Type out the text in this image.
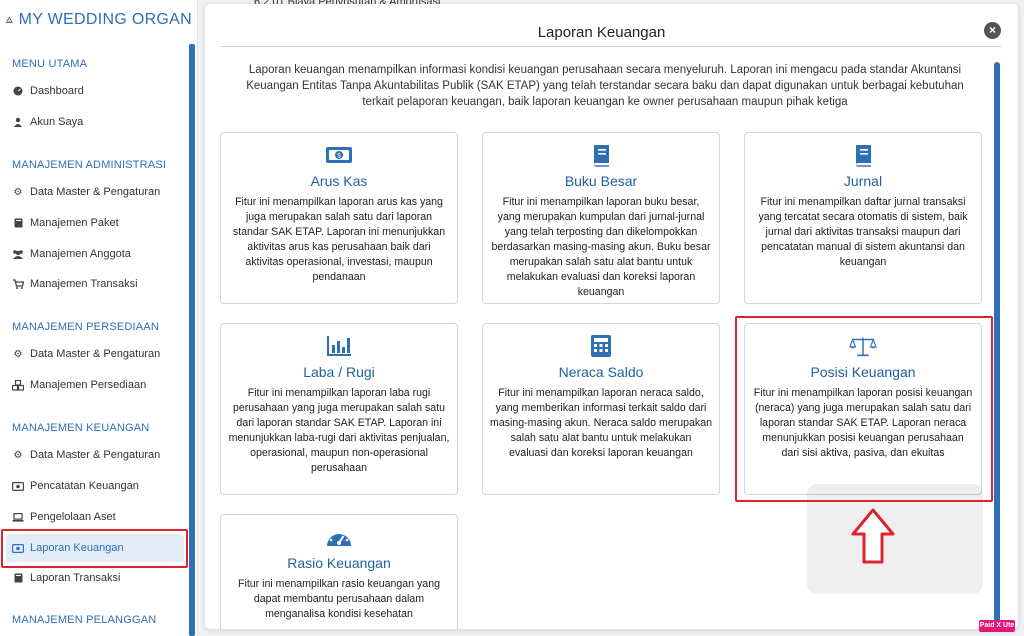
MY WEDDING ORGAN
MENU UTAMA
Dashboard
Akun Saya
MANAJEMEN ADMINISTRASI
⚙ Data Master & Pengaturan
Manajemen Paket
Manajemen Anggota
Manajemen Transaksi
MANAJEMEN PERSEDIAAN
⚙ Data Master & Pengaturan
Manajemen Persediaan
MANAJEMEN KEUANGAN
⚙ Data Master & Pengaturan
Pencatatan Keuangan
Pengelolaan Aset
Laporan Keuangan
Laporan Transaksi
MANAJEMEN PELANGGAN
Laporan Keuangan	×
Laporan keuangan menampilkan informasi kondisi keuangan perusahaan secara menyeluruh. Laporan ini mengacu pada standar Akuntansi Keuangan Entitas Tanpa Akuntabilitas Publik (SAK ETAP) yang telah terstandar secara baku dan dapat digunakan untuk berbagai kebutuhan terkait pelaporan keuangan, baik laporan keuangan ke owner perusahaan maupun pihak ketiga
$
Arus Kas
Fitur ini menampilkan laporan arus kas yang juga merupakan salah satu dari laporan standar SAK ETAP. Laporan ini menunjukkan aktivitas arus kas perusahaan baik dari aktivitas operasional, investasi, maupun pendanaan
Buku Besar
Fitur ini menampilkan laporan buku besar, yang merupakan kumpulan dari jurnal-jurnal yang telah terposting dan dikelompokkan berdasarkan masing-masing akun. Buku besar merupakan salah satu alat bantu untuk melakukan evaluasi dan koreksi laporan keuangan
Jurnal
Fitur ini menampilkan daftar jurnal transaksi yang tercatat secara otomatis di sistem, baik jurnal dari aktivitas transaksi maupun dari pencatatan manual di sistem akuntansi dan keuangan
Laba / Rugi
Fitur ini menampilkan laporan laba rugi perusahaan yang juga merupakan salah satu dari laporan standar SAK ETAP. Laporan ini menunjukkan laba-rugi dari aktivitas penjualan, operasional, maupun non-operasional perusahaan
Neraca Saldo
Fitur ini menampilkan laporan neraca saldo, yang memberikan informasi terkait saldo dari masing-masing akun. Neraca saldo merupakan salah satu alat bantu untuk melakukan evaluasi dan koreksi laporan keuangan
Posisi Keuangan
Fitur ini menampilkan laporan posisi keuangan (neraca) yang juga merupakan salah satu dari laporan standar SAK ETAP. Laporan neraca menunjukkan posisi keuangan perusahaan dari sisi aktiva, pasiva, dan ekuitas
Rasio Keuangan
Fitur ini menampilkan rasio keuangan yang dapat membantu perusahaan dalam menganalisa kondisi kesehatan
Paid X Ute
